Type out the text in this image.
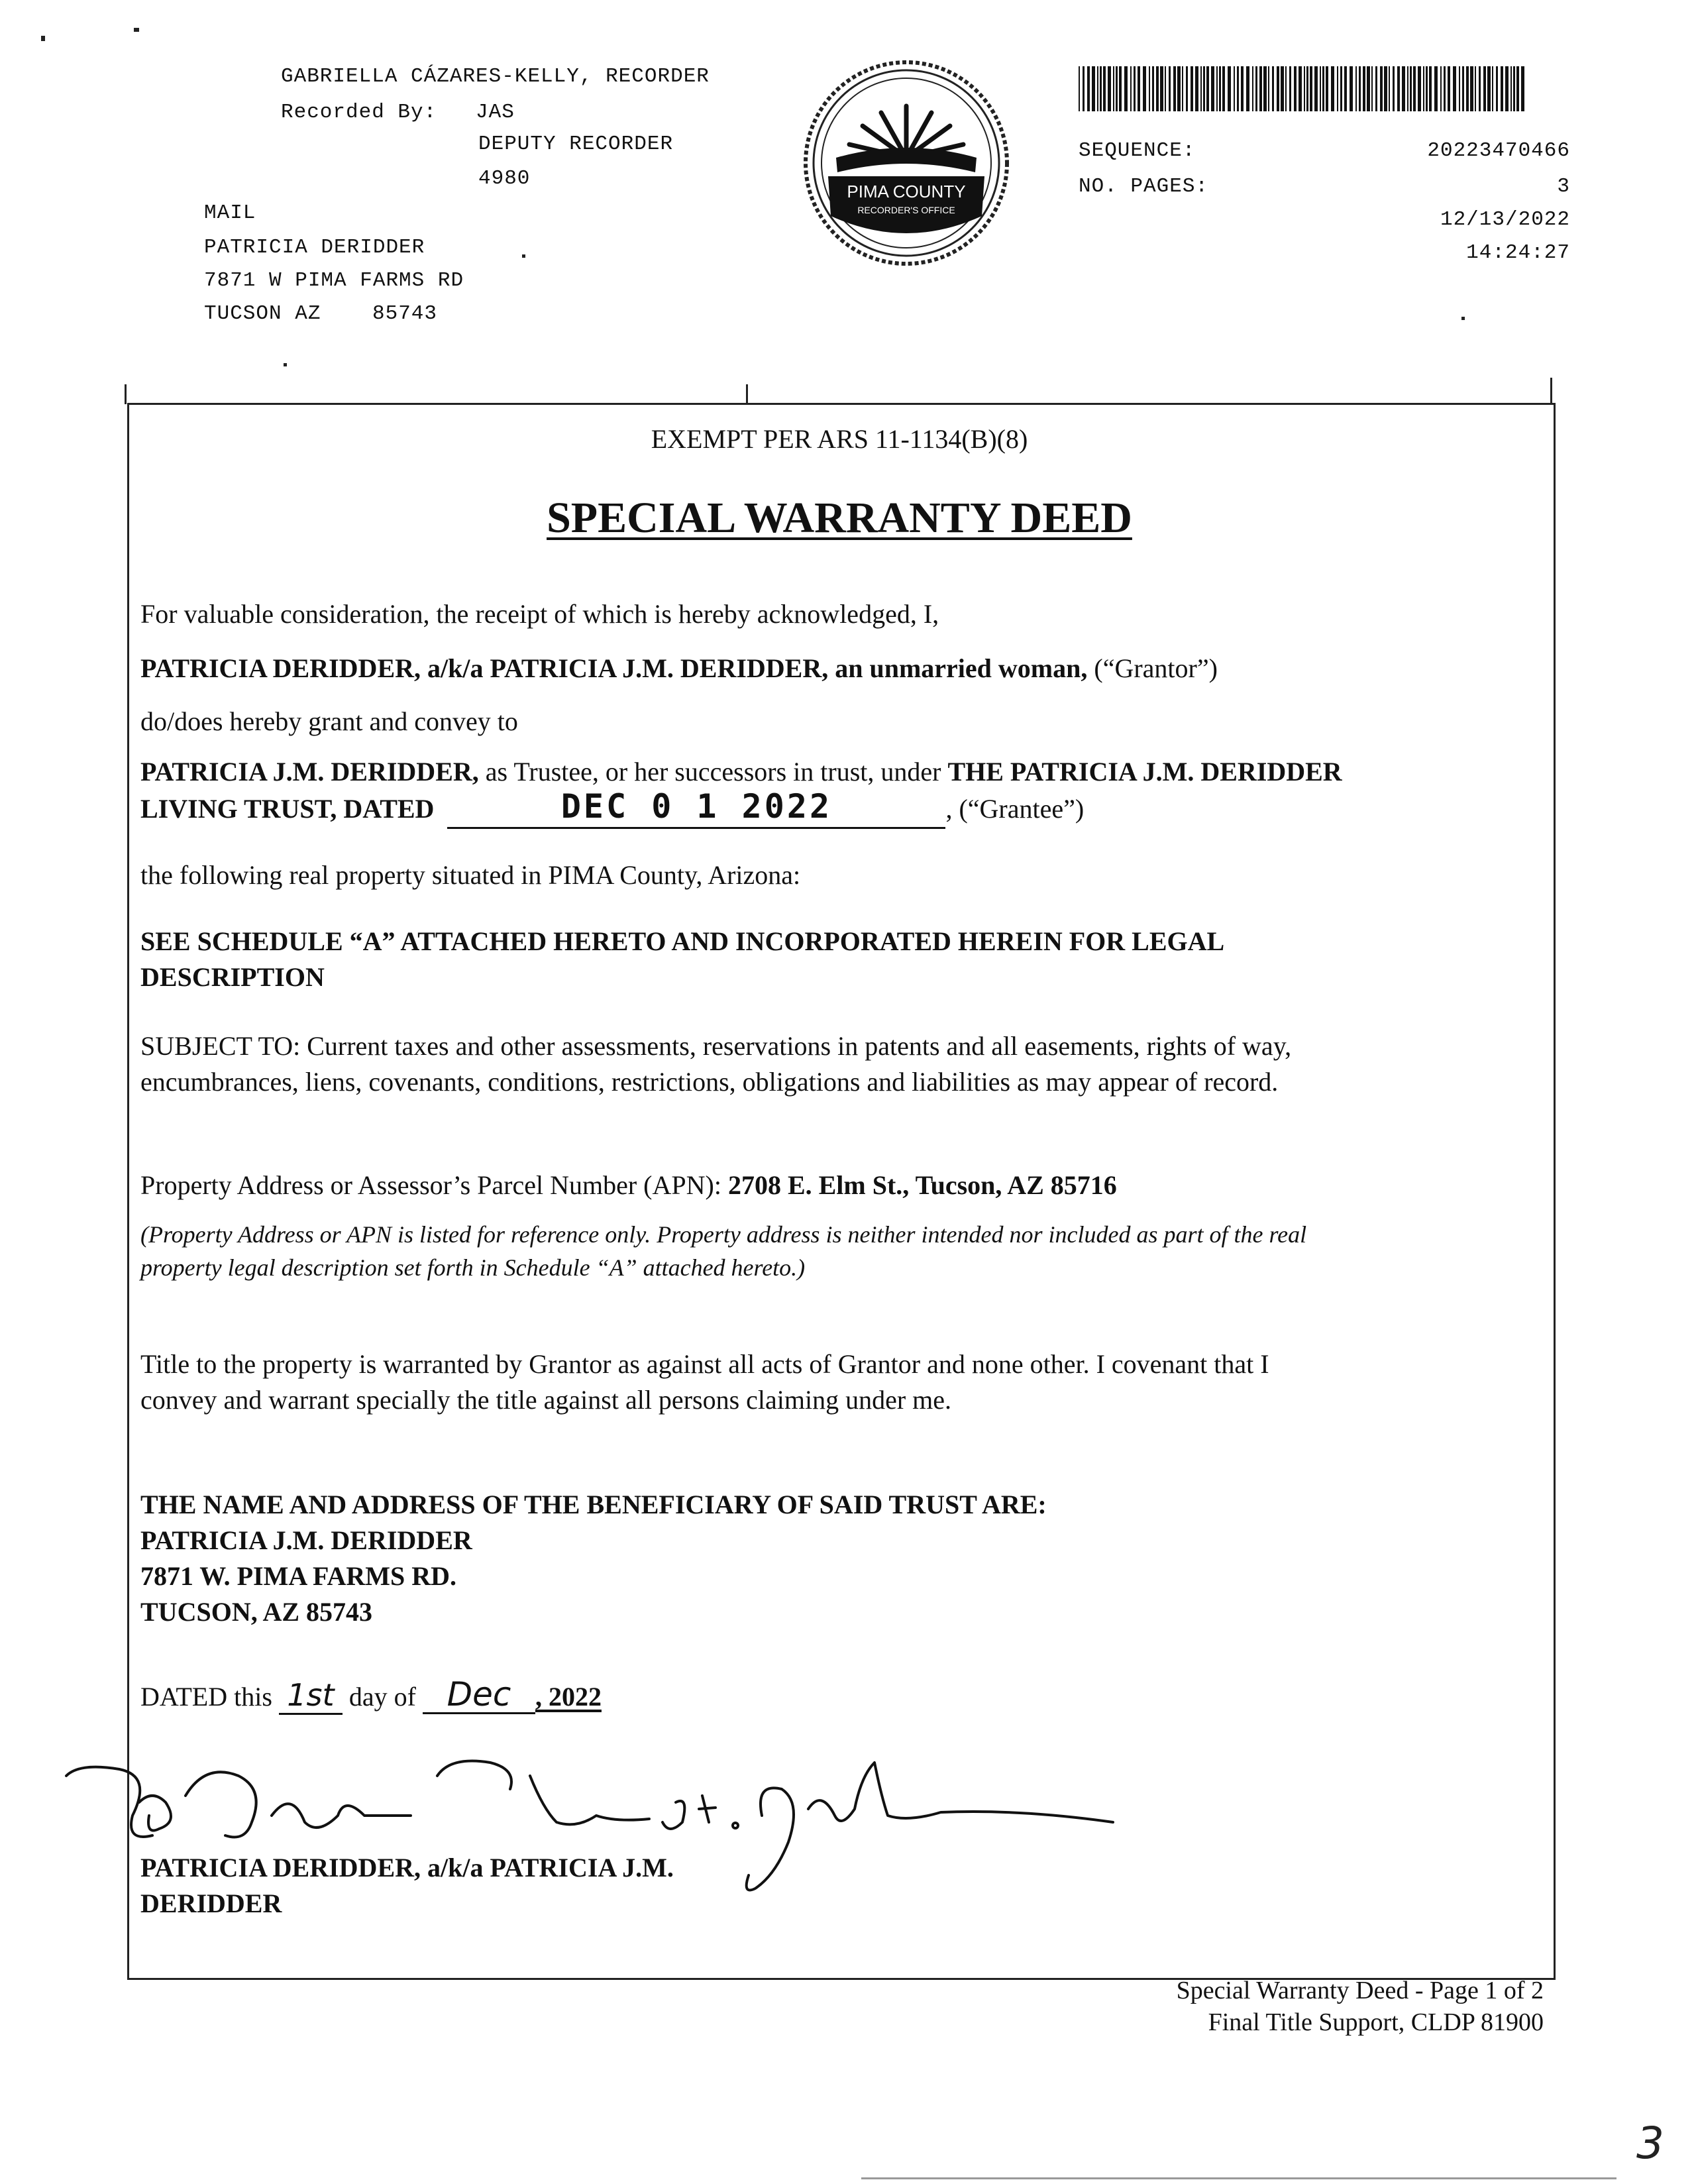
GABRIELLA CÁZARES-KELLY, RECORDER
Recorded By: JAS
DEPUTY RECORDER
4980
MAIL
PATRICIA DERIDDER
7871 W PIMA FARMS RD
TUCSON AZ	85743
PIMA COUNTY
RECORDER'S OFFICE
SEQUENCE:	20223470466
NO. PAGES:	3
12/13/2022
14:24:27
EXEMPT PER ARS 11-1134(B)(8)
SPECIAL WARRANTY DEED
For valuable consideration, the receipt of which is hereby acknowledged, I,
PATRICIA DERIDDER, a/k/a PATRICIA J.M. DERIDDER, an unmarried woman, (“Grantor”)
do/does hereby grant and convey to
PATRICIA J.M. DERIDDER, as Trustee, or her successors in trust, under THE PATRICIA J.M. DERIDDER
LIVING TRUST, DATED	DEC 0 1 2022	, (“Grantee”)
the following real property situated in PIMA County, Arizona:
SEE SCHEDULE “A” ATTACHED HERETO AND INCORPORATED HEREIN FOR LEGAL
DESCRIPTION
SUBJECT TO: Current taxes and other assessments, reservations in patents and all easements, rights of way,
encumbrances, liens, covenants, conditions, restrictions, obligations and liabilities as may appear of record.
Property Address or Assessor’s Parcel Number (APN): 2708 E. Elm St., Tucson, AZ 85716
(Property Address or APN is listed for reference only. Property address is neither intended nor included as part of the real
property legal description set forth in Schedule “A” attached hereto.)
Title to the property is warranted by Grantor as against all acts of Grantor and none other. I covenant that I
convey and warrant specially the title against all persons claiming under me.
THE NAME AND ADDRESS OF THE BENEFICIARY OF SAID TRUST ARE:
PATRICIA J.M. DERIDDER
7871 W. PIMA FARMS RD.
TUCSON, AZ 85743
DATED this 1st day of Dec , 2022
PATRICIA DERIDDER, a/k/a PATRICIA J.M.
DERIDDER
Special Warranty Deed - Page 1 of 2
Final Title Support, CLDP 81900
3
